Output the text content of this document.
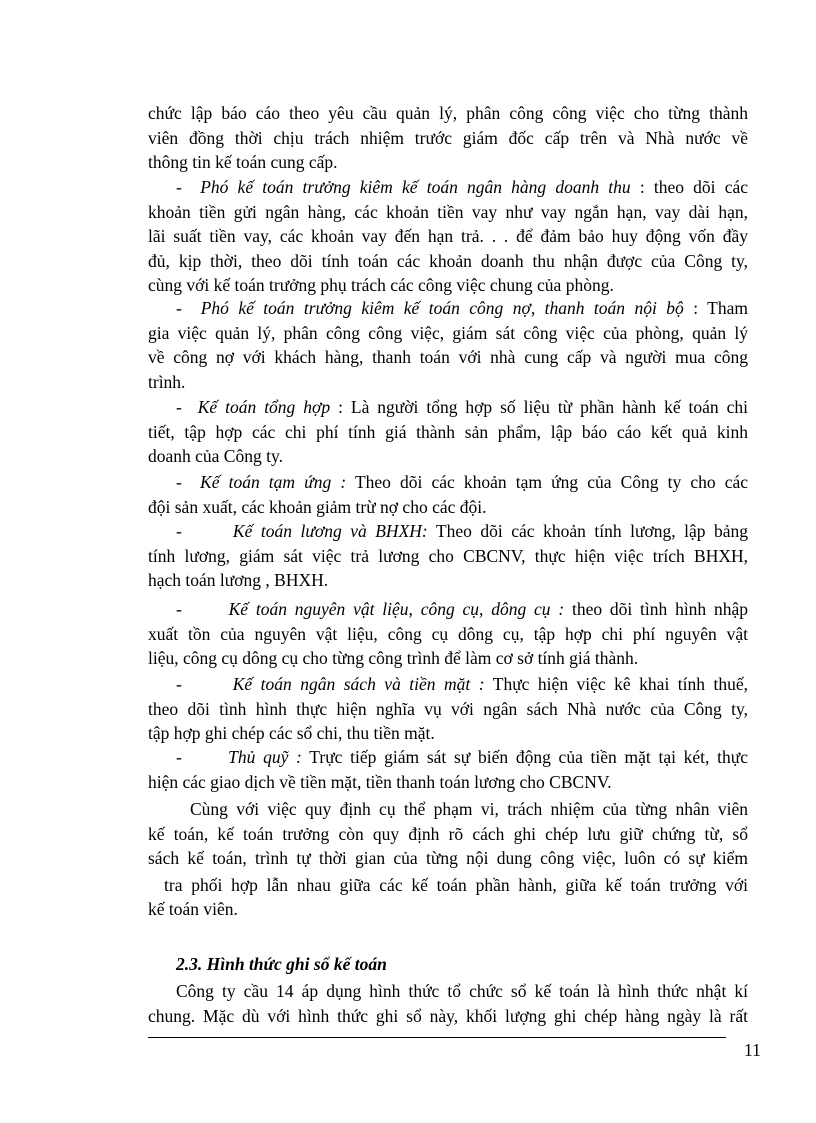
chức lập báo cáo theo yêu cầu quản lý, phân công công việc cho từng thành
viên đồng thời chịu trách nhiệm trước giám đốc cấp trên và Nhà nước về
thông tin kế toán cung cấp.
- Phó kế toán trưởng kiêm kế toán ngân hàng doanh thu : theo dõi các
khoản tiền gửi ngân hàng, các khoản tiền vay như vay ngắn hạn, vay dài hạn,
lãi suất tiền vay, các khoản vay đến hạn trả. . . để đảm bảo huy động vốn đầy
đủ, kịp thời, theo dõi tính toán các khoản doanh thu nhận được của Công ty,
cùng với kế toán trưởng phụ trách các công việc chung của phòng.
- Phó kế toán trưởng kiêm kế toán công nợ, thanh toán nội bộ : Tham
gia việc quản lý, phân công công việc, giám sát công việc của phòng, quản lý
về công nợ với khách hàng, thanh toán với nhà cung cấp và người mua công
trình.
- Kế toán tổng hợp : Là người tổng hợp số liệu từ phần hành kế toán chi
tiết, tập hợp các chi phí tính giá thành sản phẩm, lập báo cáo kết quả kinh
doanh của Công ty.
- Kế toán tạm ứng : Theo dõi các khoản tạm ứng của Công ty cho các
đội sản xuất, các khoản giảm trừ nợ cho các đội.
-	Kế toán lương và BHXH: Theo dõi các khoản tính lương, lập bảng
tính lương, giám sát việc trả lương cho CBCNV, thực hiện việc trích BHXH,
hạch toán lương , BHXH.
-	Kế toán nguyên vật liệu, công cụ, dông cụ : theo dõi tình hình nhập
xuất tồn của nguyên vật liệu, công cụ dông cụ, tập hợp chi phí nguyên vật
liệu, công cụ dông cụ cho từng công trình để làm cơ sở tính giá thành.
-	Kế toán ngân sách và tiền mặt : Thực hiện việc kê khai tính thuế,
theo dõi tình hình thực hiện nghĩa vụ với ngân sách Nhà nước của Công ty,
tập hợp ghi chép các sổ chi, thu tiền mặt.
-	Thủ quỹ : Trực tiếp giám sát sự biến động của tiền mặt tại két, thực
hiện các giao dịch về tiền mặt, tiền thanh toán lương cho CBCNV.
Cùng với việc quy định cụ thể phạm vi, trách nhiệm của từng nhân viên
kế toán, kế toán trưởng còn quy định rõ cách ghi chép lưu giữ chứng từ, sổ
sách kế toán, trình tự thời gian của từng nội dung công việc, luôn có sự kiểm
tra phối hợp lẫn nhau giữa các kế toán phần hành, giữa kế toán trưởng với
kế toán viên.
2.3. Hình thức ghi sổ kế toán
Công ty cầu 14 áp dụng hình thức tổ chức sổ kế toán là hình thức nhật kí
chung. Mặc dù với hình thức ghi sổ này, khối lượng ghi chép hàng ngày là rất
11
